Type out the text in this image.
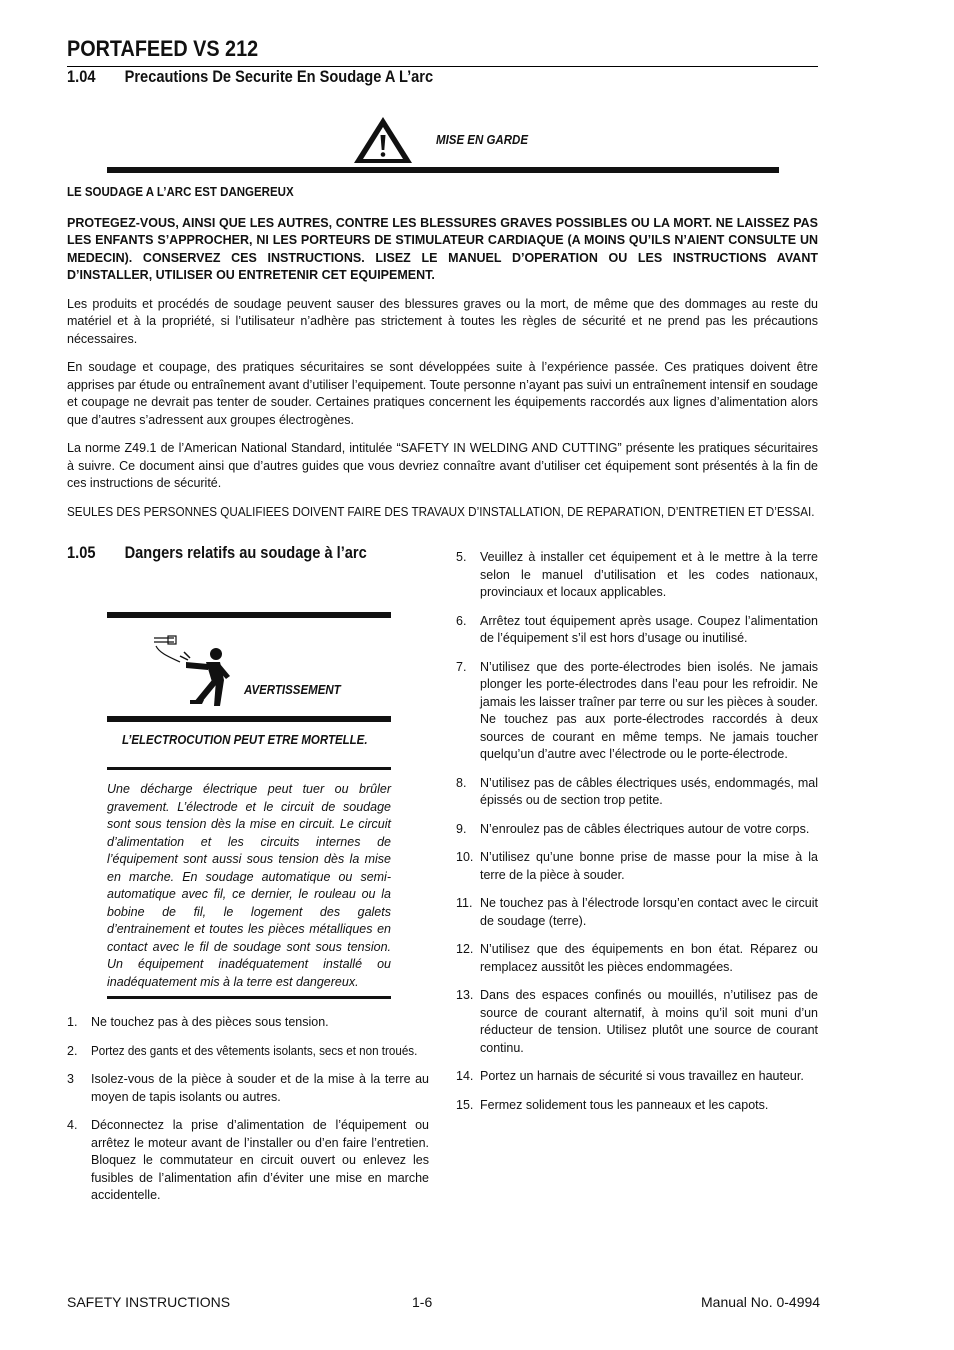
PORTAFEED VS 212
1.04 Precautions De Securite En Soudage A L’arc
MISE EN GARDE

LE SOUDAGE A L’ARC EST DANGEREUX

PROTEGEZ-VOUS, AINSI QUE LES AUTRES, CONTRE LES BLESSURES GRAVES POSSIBLES OU LA MORT. NE LAISSEZ PAS LES ENFANTS S’APPROCHER, NI LES PORTEURS DE STIMULATEUR CARDIAQUE (A MOINS QU’ILS N’AIENT CONSULTE UN MEDECIN). CONSERVEZ CES INSTRUCTIONS. LISEZ LE MANUEL D’OPERATION OU LES INSTRUCTIONS AVANT D’INSTALLER, UTILISER OU ENTRETENIR CET EQUIPEMENT.

Les produits et procédés de soudage peuvent sauser des blessures graves ou la mort, de même que des dommages au reste du matériel et à la propriété, si l’utilisateur n’adhère pas strictement à toutes les règles de sécurité et ne prend pas les précautions nécessaires.

En soudage et coupage, des pratiques sécuritaires se sont développées suite à l’expérience passée. Ces pratiques doivent être apprises par étude ou entraînement avant d’utiliser l’equipement. Toute personne n’ayant pas suivi un entraînement intensif en soudage et coupage ne devrait pas tenter de souder. Certaines pratiques concernent les équipements raccordés aux lignes d’alimentation alors que d’autres s’adressent aux groupes électrogènes.

La norme Z49.1 de l’American National Standard, intitulée “SAFETY IN WELDING AND CUTTING” présente les pratiques sécuritaires à suivre. Ce document ainsi que d’autres guides que vous devriez connaître avant d’utiliser cet équipement sont présentés à la fin de ces instructions de sécurité.

SEULES DES PERSONNES QUALIFIEES DOIVENT FAIRE DES TRAVAUX D’INSTALLATION, DE REPARATION, D’ENTRETIEN ET D’ESSAI.

1.05 Dangers relatifs au soudage à l’arc
AVERTISSEMENT
L’ELECTROCUTION PEUT ETRE MORTELLE.
Une décharge électrique peut tuer ou brûler gravement. L’électrode et le circuit de soudage sont sous tension dès la mise en circuit. Le circuit d’alimentation et les circuits internes de l’équipement sont aussi sous tension dès la mise en marche. En soudage automatique ou semi-automatique avec fil, ce dernier, le rouleau ou la bobine de fil, le logement des galets d’entrainement et toutes les pièces métalliques en contact avec le fil de soudage sont sous tension. Un équipement inadéquatement installé ou inadéquatement mis à la terre est dangereux.
1.	Ne touchez pas à des pièces sous tension.
2.	Portez des gants et des vêtements isolants, secs et non troués.
3	Isolez-vous de la pièce à souder et de la mise à la terre au moyen de tapis isolants ou autres.
4.	Déconnectez la prise d’alimentation de l’équipement ou arrêtez le moteur avant de l’installer ou d’en faire l’entretien. Bloquez le commutateur en circuit ouvert ou enlevez les fusibles de l’alimentation afin d’éviter une mise en marche accidentelle.
5.	Veuillez à installer cet équipement et à le mettre à la terre selon le manuel d’utilisation et les codes nationaux, provinciaux et locaux applicables.
6.	Arrêtez tout équipement après usage. Coupez l’alimentation de l’équipement s’il est hors d’usage ou inutilisé.
7.	N’utilisez que des porte-électrodes bien isolés. Ne jamais plonger les porte-électrodes dans l’eau pour les refroidir. Ne jamais les laisser traîner par terre ou sur les pièces à souder. Ne touchez pas aux porte-électrodes raccordés à deux sources de courant en même temps. Ne jamais toucher quelqu’un d’autre avec l’électrode ou le porte-électrode.
8.	N’utilisez pas de câbles électriques usés, endommagés, mal épissés ou de section trop petite.
9.	N’enroulez pas de câbles électriques autour de votre corps.
10. N’utilisez qu’une bonne prise de masse pour la mise à la terre de la pièce à souder.
11. Ne touchez pas à l’électrode lorsqu’en contact avec le circuit de soudage (terre).
12. N’utilisez que des équipements en bon état. Réparez ou remplacez aussitôt les pièces endommagées.
13. Dans des espaces confinés ou mouillés, n’utilisez pas de source de courant alternatif, à moins qu’il soit muni d’un réducteur de tension. Utilisez plutôt une source de courant continu.
14. Portez un harnais de sécurité si vous travaillez en hauteur.
15. Fermez solidement tous les panneaux et les capots.
SAFETY INSTRUCTIONS	1-6	Manual No. 0-4994
